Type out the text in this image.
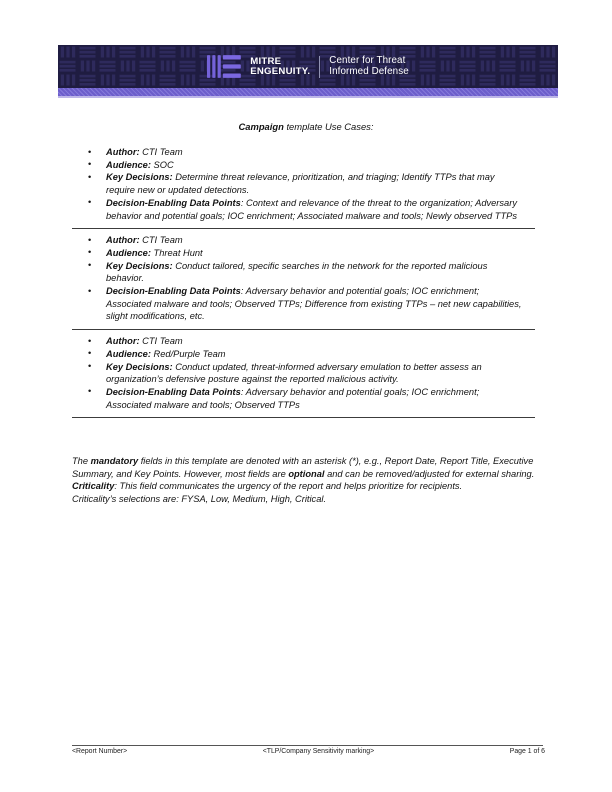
MITRE
ENGENUITY.
Center for Threat
Informed Defense
Campaign template Use Cases:
• Author: CTI Team
• Audience: SOC
• Key Decisions: Determine threat relevance, prioritization, and triaging; Identify TTPs that may require new or updated detections.
• Decision-Enabling Data Points: Context and relevance of the threat to the organization; Adversary behavior and potential goals; IOC enrichment; Associated malware and tools; Newly observed TTPs
• Author: CTI Team
• Audience: Threat Hunt
• Key Decisions: Conduct tailored, specific searches in the network for the reported malicious behavior.
• Decision-Enabling Data Points: Adversary behavior and potential goals; IOC enrichment; Associated malware and tools; Observed TTPs; Difference from existing TTPs – net new capabilities, slight modifications, etc.
• Author: CTI Team
• Audience: Red/Purple Team
• Key Decisions: Conduct updated, threat-informed adversary emulation to better assess an organization’s defensive posture against the reported malicious activity.
• Decision-Enabling Data Points: Adversary behavior and potential goals; IOC enrichment; Associated malware and tools; Observed TTPs

The mandatory fields in this template are denoted with an asterisk (*), e.g., Report Date, Report Title, Executive Summary, and Key Points. However, most fields are optional and can be removed/adjusted for external sharing.

Criticality: This field communicates the urgency of the report and helps prioritize for recipients.

Criticality’s selections are: FYSA, Low, Medium, High, Critical.

<Report Number>	<TLP/Company Sensitivity marking>	Page 1 of 6
